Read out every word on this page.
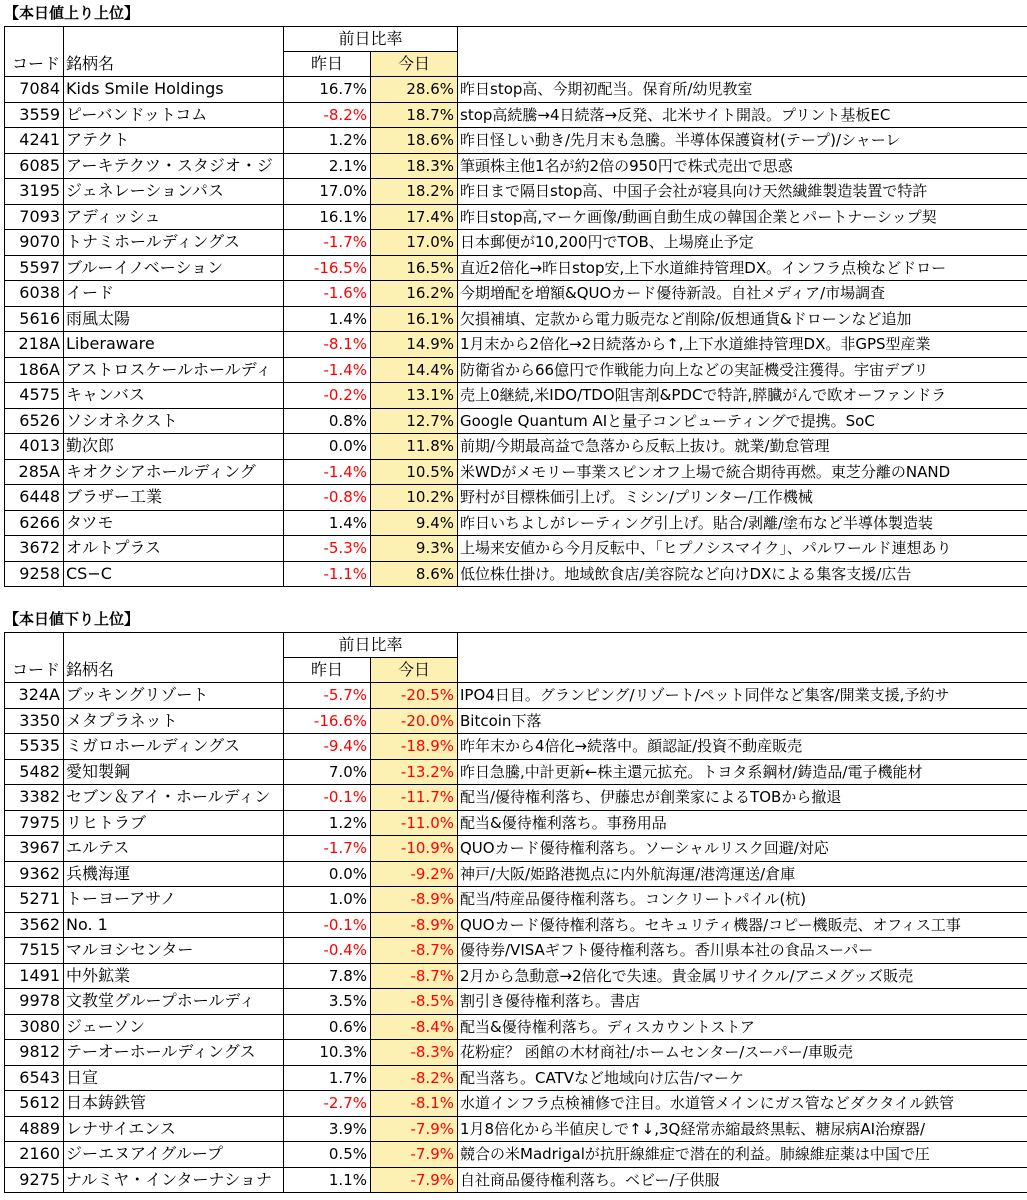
【本日値上り上位】
		前日比率		
コード	銘柄名	昨日	今日	
7084	Kids Smile Holdings	16.7%	28.6%	昨日stop高、今期初配当。保育所/幼児教室
3559	ピーバンドットコム	-8.2%	18.7%	stop高続騰→4日続落→反発、北米サイト開設。プリント基板EC
4241	アテクト	1.2%	18.6%	昨日怪しい動き/先月末も急騰。半導体保護資材(テープ)/シャーレ
6085	アーキテクツ・スタジオ・ジ	2.1%	18.3%	筆頭株主他1名が約2倍の950円で株式売出で思惑
3195	ジェネレーションパス	17.0%	18.2%	昨日まで隔日stop高、中国子会社が寝具向け天然繊維製造装置で特許
7093	アディッシュ	16.1%	17.4%	昨日stop高,マーケ画像/動画自動生成の韓国企業とパートナーシップ契
9070	トナミホールディングス	-1.7%	17.0%	日本郵便が10,200円でTOB、上場廃止予定
5597	ブルーイノベーション	-16.5%	16.5%	直近2倍化→昨日stop安,上下水道維持管理DX。インフラ点検などドロー
6038	イード	-1.6%	16.2%	今期増配を増額&QUOカード優待新設。自社メディア/市場調査
5616	雨風太陽	1.4%	16.1%	欠損補填、定款から電力販売など削除/仮想通貨&ドローンなど追加
218A	Liberaware	-8.1%	14.9%	1月末から2倍化→2日続落から↑,上下水道維持管理DX。非GPS型産業
186A	アストロスケールホールディ	-1.4%	14.4%	防衛省から66億円で作戦能力向上などの実証機受注獲得。宇宙デブリ
4575	キャンバス	-0.2%	13.1%	売上0継続,米IDO/TDO阻害剤&PDCで特許,膵臓がんで欧オーファンドラ
6526	ソシオネクスト	0.8%	12.7%	Google Quantum AIと量子コンピューティングで提携。SoC
4013	勤次郎	0.0%	11.8%	前期/今期最高益で急落から反転上抜け。就業/勤怠管理
285A	キオクシアホールディング	-1.4%	10.5%	米WDがメモリー事業スピンオフ上場で統合期待再燃。東芝分離のNAND
6448	ブラザー工業	-0.8%	10.2%	野村が目標株価引上げ。ミシン/プリンター/工作機械
6266	タツモ	1.4%	9.4%	昨日いちよしがレーティング引上げ。貼合/剥離/塗布など半導体製造装
3672	オルトプラス	-5.3%	9.3%	上場来安値から今月反転中、「ヒプノシスマイク」、パルワールド連想あり
9258	CS−C	-1.1%	8.6%	低位株仕掛け。地域飲食店/美容院など向けDXによる集客支援/広告
【本日値下り上位】
		前日比率		
コード	銘柄名	昨日	今日	
324A	ブッキングリゾート	-5.7%	-20.5%	IPO4日目。グランピング/リゾート/ペット同伴など集客/開業支援,予約サ
3350	メタプラネット	-16.6%	-20.0%	Bitcoin下落
5535	ミガロホールディングス	-9.4%	-18.9%	昨年末から4倍化→続落中。顔認証/投資不動産販売
5482	愛知製鋼	7.0%	-13.2%	昨日急騰,中計更新←株主還元拡充。トヨタ系鋼材/鋳造品/電子機能材
3382	セブン＆アイ・ホールディン	-0.1%	-11.7%	配当/優待権利落ち、伊藤忠が創業家によるTOBから撤退
7975	リヒトラブ	1.2%	-11.0%	配当&優待権利落ち。事務用品
3967	エルテス	-1.7%	-10.9%	QUOカード優待権利落ち。ソーシャルリスク回避/対応
9362	兵機海運	0.0%	-9.2%	神戸/大阪/姫路港拠点に内外航海運/港湾運送/倉庫
5271	トーヨーアサノ	1.0%	-8.9%	配当/特産品優待権利落ち。コンクリートパイル(杭)
3562	No. 1	-0.1%	-8.9%	QUOカード優待権利落ち。セキュリティ機器/コピー機販売、オフィス工事
7515	マルヨシセンター	-0.4%	-8.7%	優待券/VISAギフト優待権利落ち。香川県本社の食品スーパー
1491	中外鉱業	7.8%	-8.7%	2月から急動意→2倍化で失速。貴金属リサイクル/アニメグッズ販売
9978	文教堂グループホールディ	3.5%	-8.5%	割引き優待権利落ち。書店
3080	ジェーソン	0.6%	-8.4%	配当&優待権利落ち。ディスカウントストア
9812	テーオーホールディングス	10.3%	-8.3%	花粉症？ 函館の木材商社/ホームセンター/スーパー/車販売
6543	日宣	1.7%	-8.2%	配当落ち。CATVなど地域向け広告/マーケ
5612	日本鋳鉄管	-2.7%	-8.1%	水道インフラ点検補修で注目。水道管メインにガス管などダクタイル鉄管
4889	レナサイエンス	3.9%	-7.9%	1月8倍化から半値戻しで↑↓,3Q経常赤縮最終黒転、糖尿病AI治療器/
2160	ジーエヌアイグループ	0.5%	-7.9%	競合の米Madrigalが抗肝線維症で潜在的利益。肺線維症薬は中国で圧
9275	ナルミヤ・インターナショナ	1.1%	-7.9%	自社商品優待権利落ち。ベビー/子供服
